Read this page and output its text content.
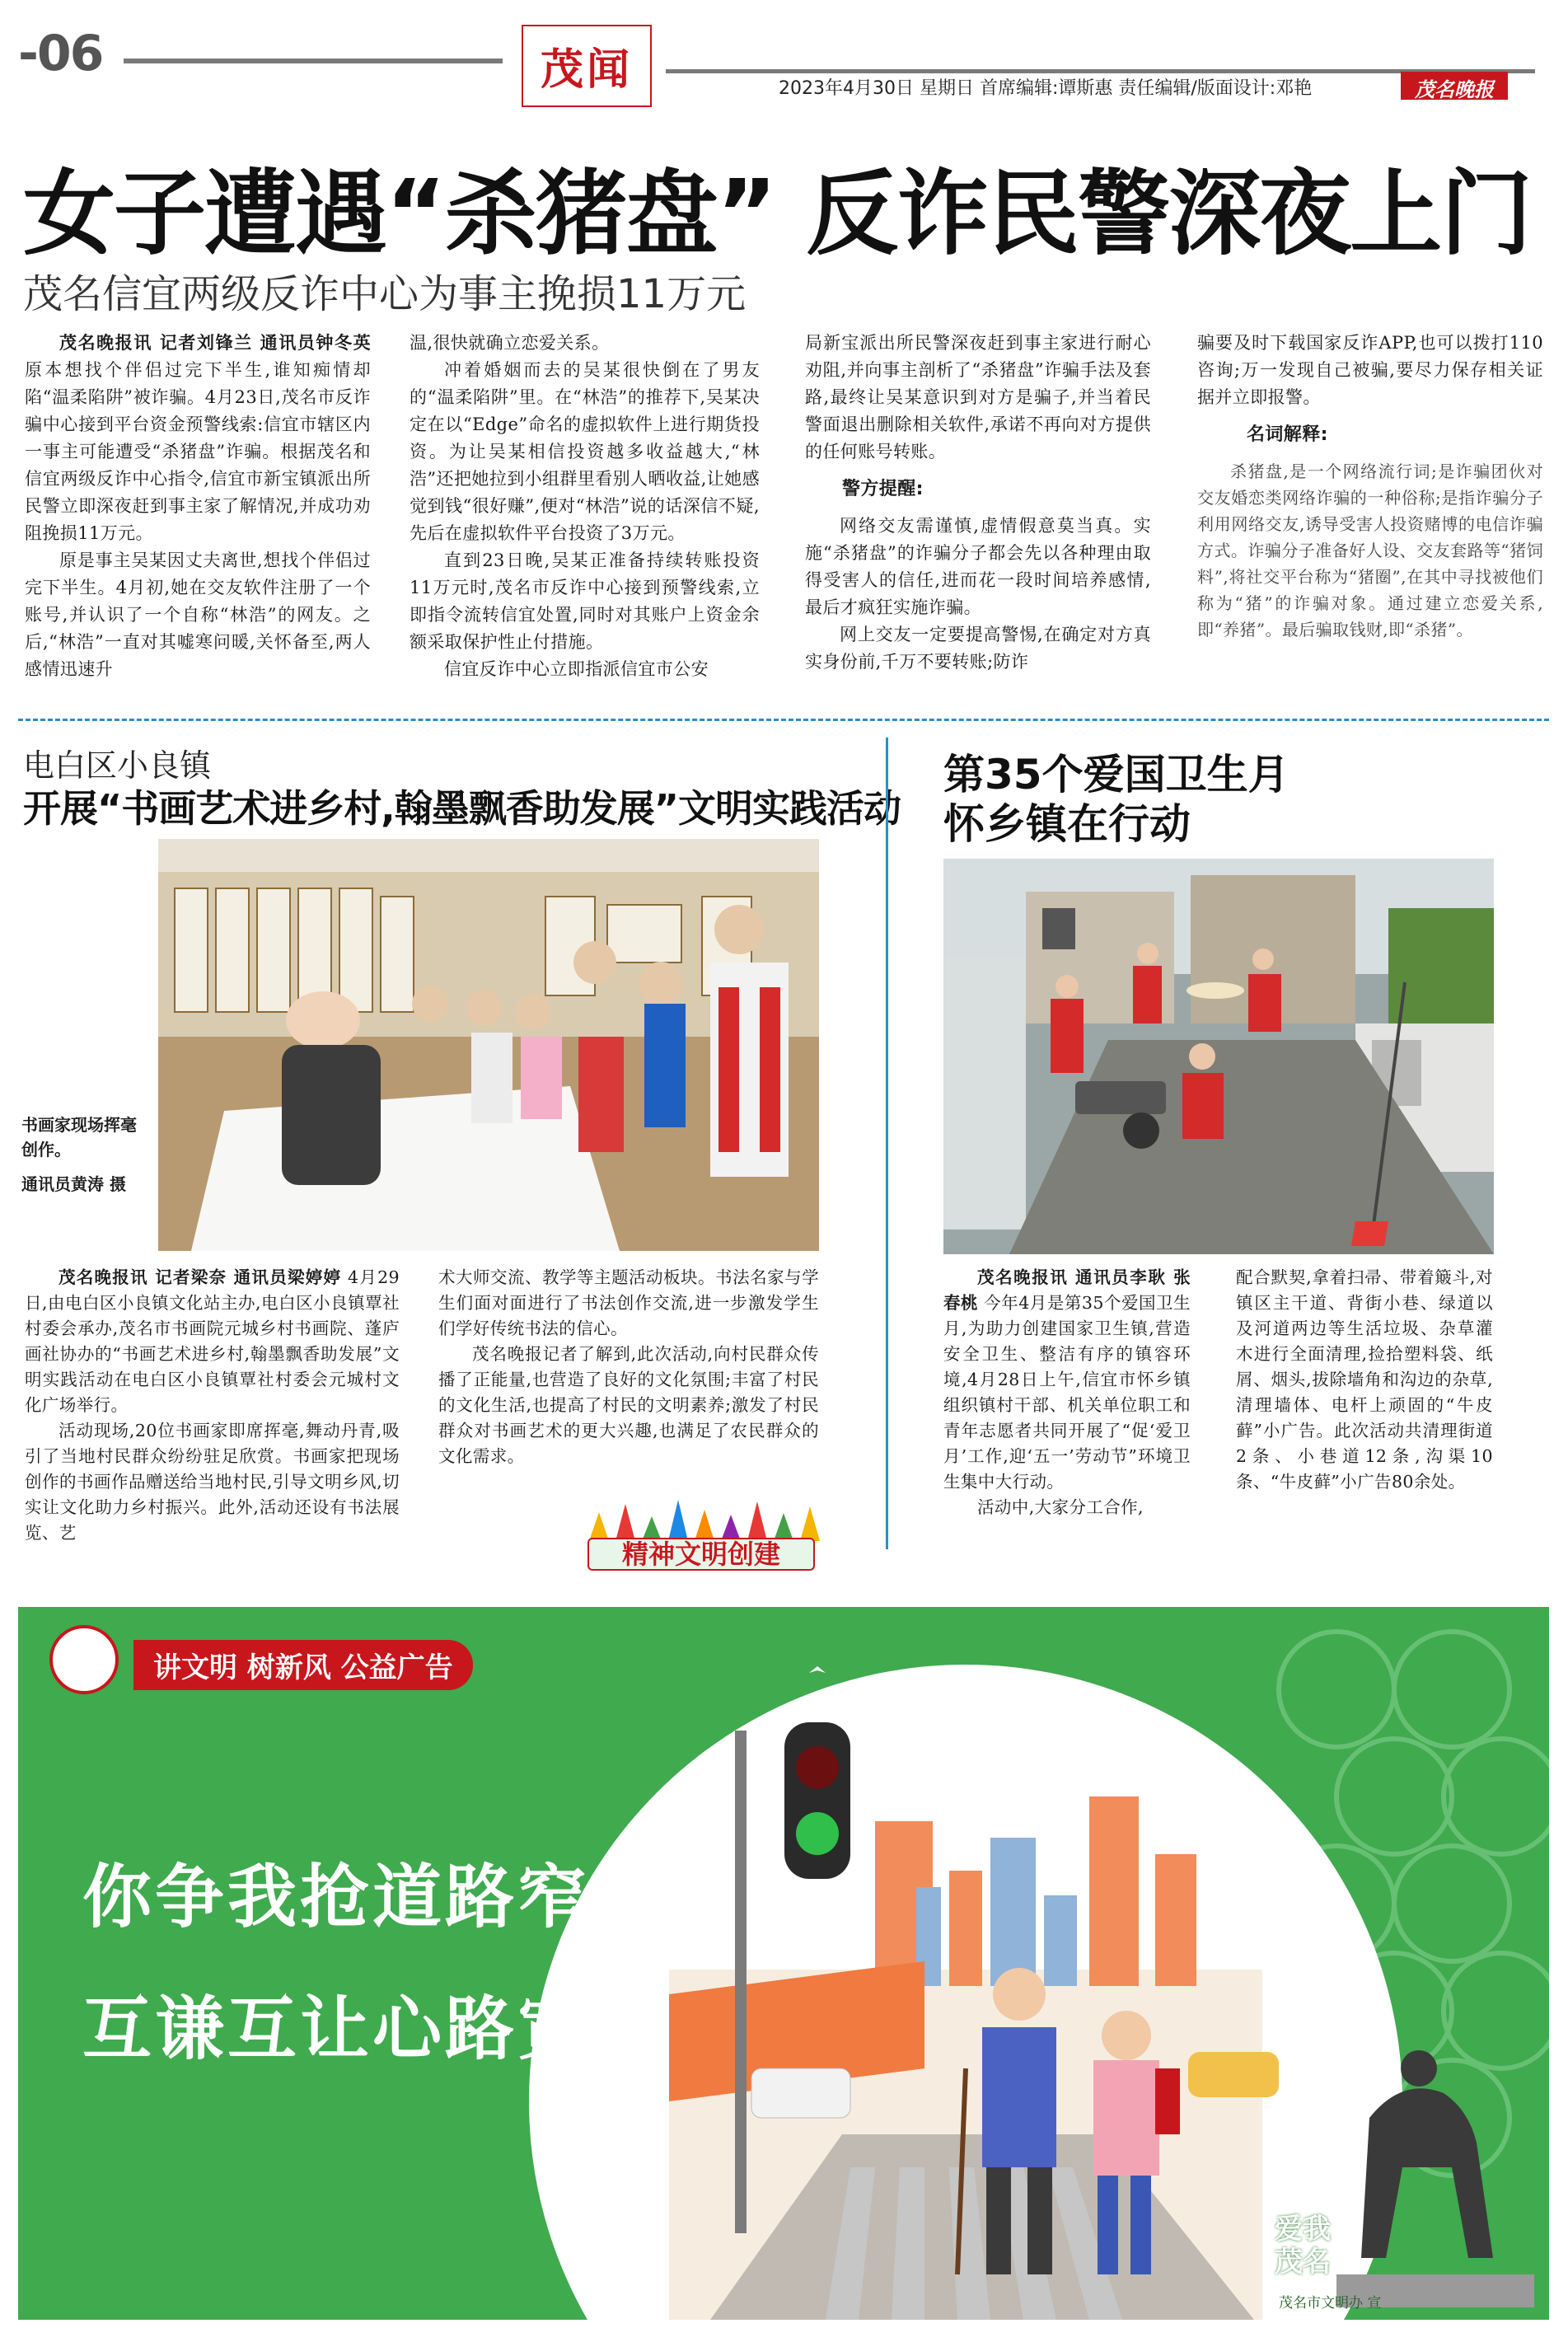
-06	茂闻	2023年4月30日 星期日 首席编辑:谭斯惠 责任编辑/版面设计:邓艳	茂名晚报
女子遭遇“杀猪盘” 反诈民警深夜上门
茂名信宜两级反诈中心为事主挽损11万元

茂名晚报讯 记者刘锋兰 通讯员钟冬英 原本想找个伴侣过完下半生,谁知痴情却陷“温柔陷阱”被诈骗。4月23日,茂名市反诈骗中心接到平台资金预警线索:信宜市辖区内一事主可能遭受“杀猪盘”诈骗。根据茂名和信宜两级反诈中心指令,信宜市新宝镇派出所民警立即深夜赶到事主家了解情况,并成功劝阻挽损11万元。

原是事主吴某因丈夫离世,想找个伴侣过完下半生。4月初,她在交友软件注册了一个账号,并认识了一个自称“林浩”的网友。之后,“林浩”一直对其嘘寒问暖,关怀备至,两人感情迅速升

温,很快就确立恋爱关系。

冲着婚姻而去的吴某很快倒在了男友的“温柔陷阱”里。在“林浩”的推荐下,吴某决定在以“Edge”命名的虚拟软件上进行期货投资。为让吴某相信投资越多收益越大,“林浩”还把她拉到小组群里看别人晒收益,让她感觉到钱“很好赚”,便对“林浩”说的话深信不疑,先后在虚拟软件平台投资了3万元。

直到23日晚,吴某正准备持续转账投资11万元时,茂名市反诈中心接到预警线索,立即指令流转信宜处置,同时对其账户上资金余额采取保护性止付措施。

信宜反诈中心立即指派信宜市公安

局新宝派出所民警深夜赶到事主家进行耐心劝阻,并向事主剖析了“杀猪盘”诈骗手法及套路,最终让吴某意识到对方是骗子,并当着民警面退出删除相关软件,承诺不再向对方提供的任何账号转账。

警方提醒:

网络交友需谨慎,虚情假意莫当真。实施“杀猪盘”的诈骗分子都会先以各种理由取得受害人的信任,进而花一段时间培养感情,最后才疯狂实施诈骗。

网上交友一定要提高警惕,在确定对方真实身份前,千万不要转账;防诈

骗要及时下载国家反诈APP,也可以拨打110咨询;万一发现自己被骗,要尽力保存相关证据并立即报警。

名词解释:

杀猪盘,是一个网络流行词;是诈骗团伙对交友婚恋类网络诈骗的一种俗称;是指诈骗分子利用网络交友,诱导受害人投资赌博的电信诈骗方式。诈骗分子准备好人设、交友套路等“猪饲料”,将社交平台称为“猪圈”,在其中寻找被他们称为“猪”的诈骗对象。通过建立恋爱关系,即“养猪”。最后骗取钱财,即“杀猪”。

电白区小良镇
开展“书画艺术进乡村,翰墨飘香助发展”文明实践活动
书画家现场挥毫创作。
通讯员黄涛 摄

茂名晚报讯 记者梁奈 通讯员梁婷婷 4月29日,由电白区小良镇文化站主办,电白区小良镇覃社村委会承办,茂名市书画院元城乡村书画院、蓬庐画社协办的“书画艺术进乡村,翰墨飘香助发展”文明实践活动在电白区小良镇覃社村委会元城村文化广场举行。

活动现场,20位书画家即席挥毫,舞动丹青,吸引了当地村民群众纷纷驻足欣赏。书画家把现场创作的书画作品赠送给当地村民,引导文明乡风,切实让文化助力乡村振兴。此外,活动还设有书法展览、艺

术大师交流、教学等主题活动板块。书法名家与学生们面对面进行了书法创作交流,进一步激发学生们学好传统书法的信心。

茂名晚报记者了解到,此次活动,向村民群众传播了正能量,也营造了良好的文化氛围;丰富了村民的文化生活,也提高了村民的文明素养;激发了村民群众对书画艺术的更大兴趣,也满足了农民群众的文化需求。

精神文明创建
第35个爱国卫生月
怀乡镇在行动

茂名晚报讯 通讯员李耿 张春桃 今年4月是第35个爱国卫生月,为助力创建国家卫生镇,营造安全卫生、整洁有序的镇容环境,4月28日上午,信宜市怀乡镇组织镇村干部、机关单位职工和青年志愿者共同开展了“促‘爱卫月’工作,迎‘五一’劳动节”环境卫生集中大行动。

活动中,大家分工合作,

配合默契,拿着扫帚、带着簸斗,对镇区主干道、背街小巷、绿道以及河道两边等生活垃圾、杂草灌木进行全面清理,捡拾塑料袋、纸屑、烟头,拔除墙角和沟边的杂草,清理墙体、电杆上顽固的“牛皮藓”小广告。此次活动共清理街道2条、小巷道12条,沟渠10条、“牛皮藓”小广告80余处。

讲文明 树新风 公益广告
你争我抢道路窄
互谦互让心路宽
爱我茂名
茂名市文明办 宣
